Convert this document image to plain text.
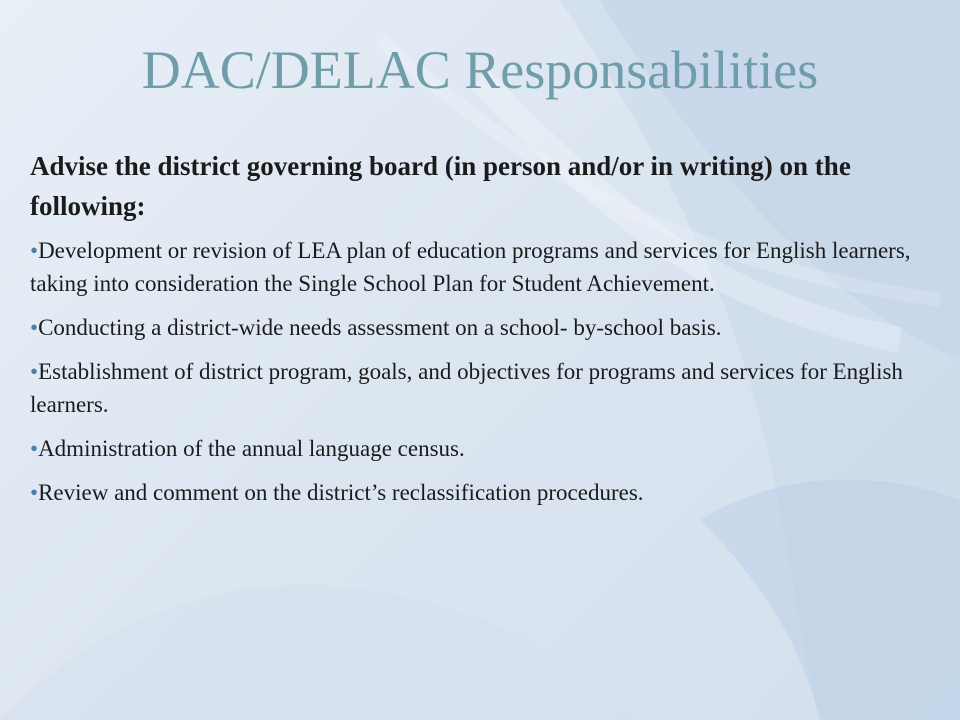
DAC/DELAC Responsabilities

Advise the district governing board (in person and/or in writing) on the following:

•Development or revision of LEA plan of education programs and services for English learners, taking into consideration the Single School Plan for Student Achievement.
•Conducting a district-wide needs assessment on a school- by-school basis.
•Establishment of district program, goals, and objectives for programs and services for English learners.
•Administration of the annual language census.
•Review and comment on the district’s reclassification procedures.
